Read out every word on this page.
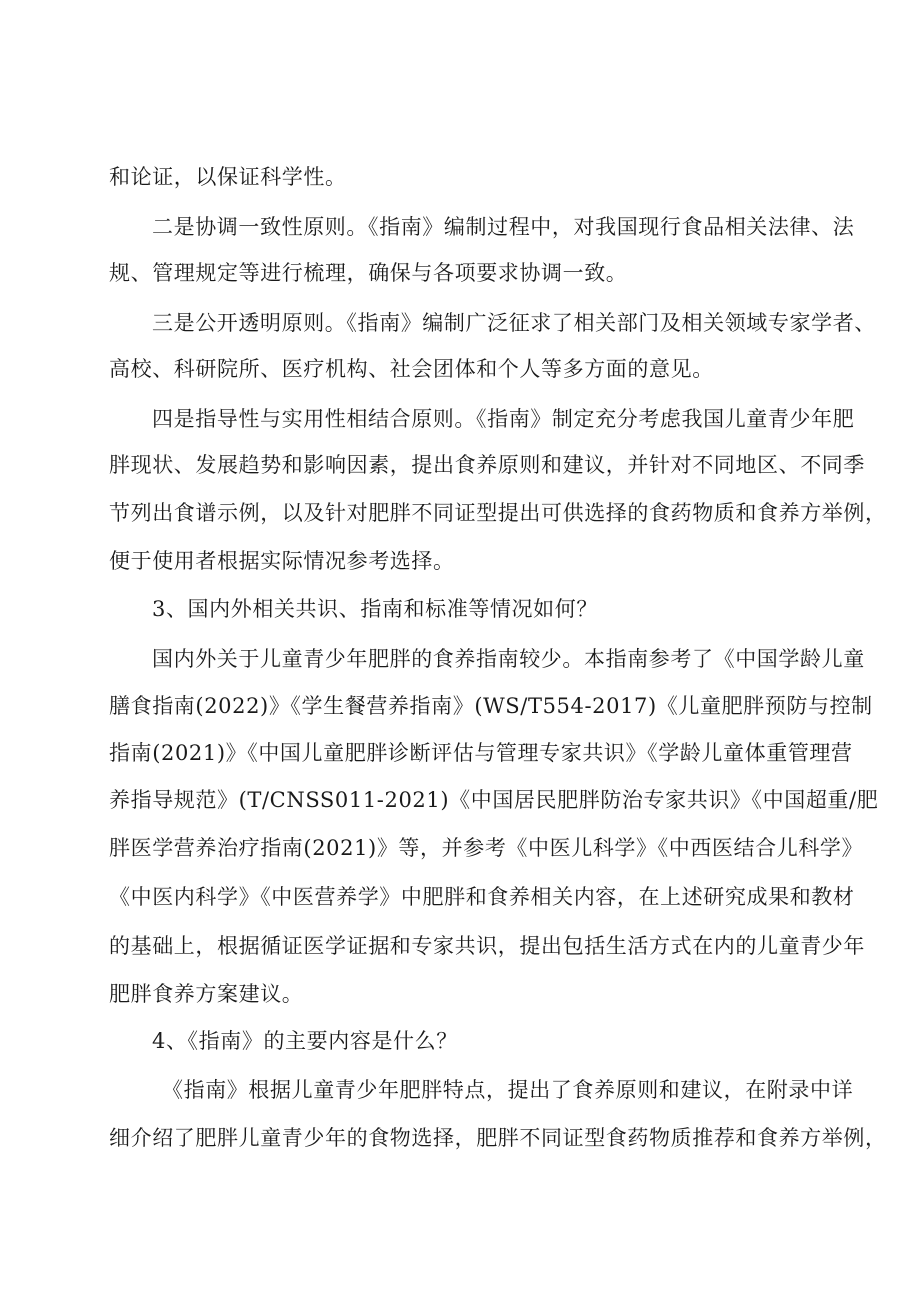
和论证，以保证科学性。
二是协调一致性原则。《指南》编制过程中，对我国现行食品相关法律、法
规、管理规定等进行梳理，确保与各项要求协调一致。
三是公开透明原则。《指南》编制广泛征求了相关部门及相关领域专家学者、
高校、科研院所、医疗机构、社会团体和个人等多方面的意见。
四是指导性与实用性相结合原则。《指南》制定充分考虑我国儿童青少年肥
胖现状、发展趋势和影响因素，提出食养原则和建议，并针对不同地区、不同季
节列出食谱示例，以及针对肥胖不同证型提出可供选择的食药物质和食养方举例，
便于使用者根据实际情况参考选择。
3、国内外相关共识、指南和标准等情况如何？
国内外关于儿童青少年肥胖的食养指南较少。本指南参考了《中国学龄儿童
膳食指南(2022)》《学生餐营养指南》(WS/T554-2017)《儿童肥胖预防与控制
指南(2021)》《中国儿童肥胖诊断评估与管理专家共识》《学龄儿童体重管理营
养指导规范》(T/CNSS011-2021)《中国居民肥胖防治专家共识》《中国超重/肥
胖医学营养治疗指南(2021)》等，并参考《中医儿科学》《中西医结合儿科学》
《中医内科学》《中医营养学》中肥胖和食养相关内容，在上述研究成果和教材
的基础上，根据循证医学证据和专家共识，提出包括生活方式在内的儿童青少年
肥胖食养方案建议。
4、《指南》的主要内容是什么？
《指南》根据儿童青少年肥胖特点，提出了食养原则和建议，在附录中详
细介绍了肥胖儿童青少年的食物选择，肥胖不同证型食药物质推荐和食养方举例，
